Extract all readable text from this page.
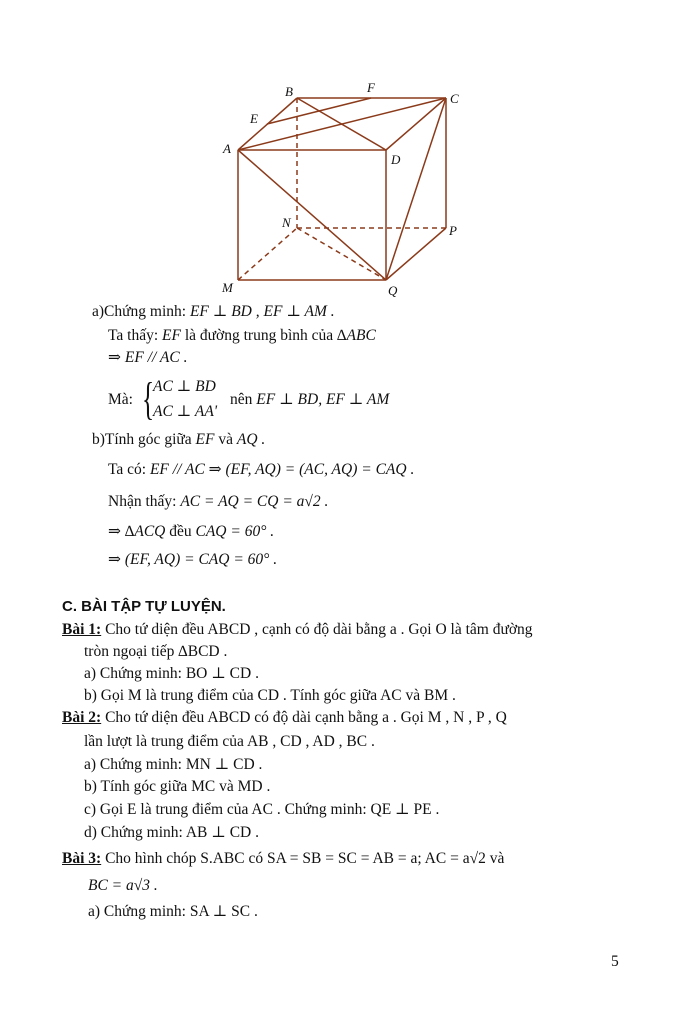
B	F
C
E
A
D
N
P
M	Q
a)Chứng minh: EF ⊥ BD , EF ⊥ AM .
Ta thấy: EF là đường trung bình của ∆ABC
⇒ EF // AC .
Mà: {
AC ⊥ BD
AC ⊥ AA'
nên EF ⊥ BD, EF ⊥ AM
b)Tính góc giữa EF và AQ .
Ta có: EF // AC ⇒ (EF, AQ) = (AC, AQ) = CAQ .
Nhận thấy: AC = AQ = CQ = a√2 .
⇒ ∆ACQ đều CAQ = 60° .
⇒ (EF, AQ) = CAQ = 60° .
C. BÀI TẬP TỰ LUYỆN.
Bài 1: Cho tứ diện đều ABCD , cạnh có độ dài bằng a . Gọi O là tâm đường
tròn ngoại tiếp ∆BCD .
a) Chứng minh: BO ⊥ CD .
b) Gọi M là trung điểm của CD . Tính góc giữa AC và BM .
Bài 2: Cho tứ diện đều ABCD có độ dài cạnh bằng a . Gọi M , N , P , Q
lần lượt là trung điểm của AB , CD , AD , BC .
a) Chứng minh: MN ⊥ CD .
b) Tính góc giữa MC và MD .
c) Gọi E là trung điểm của AC . Chứng minh: QE ⊥ PE .
d) Chứng minh: AB ⊥ CD .
Bài 3: Cho hình chóp S.ABC có SA = SB = SC = AB = a; AC = a√2 và
BC = a√3 .
a) Chứng minh: SA ⊥ SC .
5
